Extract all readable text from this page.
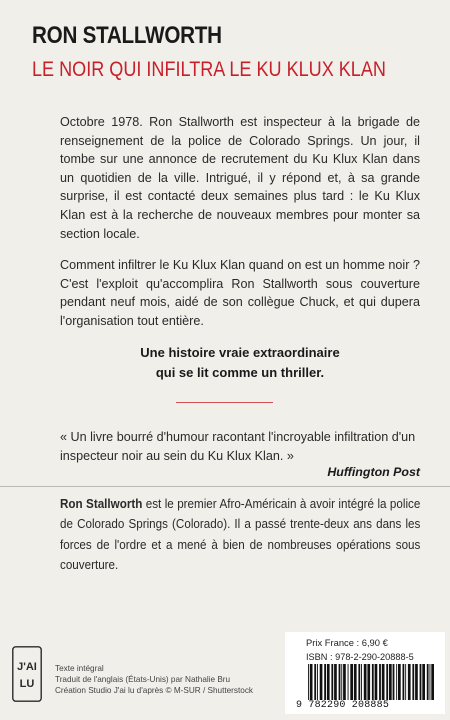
RON STALLWORTH
LE NOIR QUI INFILTRA LE KU KLUX KLAN

Octobre 1978. Ron Stallworth est inspecteur à la brigade de renseignement de la police de Colorado Springs. Un jour, il tombe sur une annonce de recrutement du Ku Klux Klan dans un quotidien de la ville. Intrigué, il y répond et, à sa grande surprise, il est contacté deux semaines plus tard : le Ku Klux Klan est à la recherche de nouveaux membres pour monter sa section locale.

Comment infiltrer le Ku Klux Klan quand on est un homme noir ? C'est l'exploit qu'accomplira Ron Stallworth sous couverture pendant neuf mois, aidé de son collègue Chuck, et qui dupera l'organisation tout entière.

Une histoire vraie extraordinaire
qui se lit comme un thriller.
« Un livre bourré d'humour racontant l'incroyable infiltration d'un inspecteur noir au sein du Ku Klux Klan. »
Huffington Post
Ron Stallworth est le premier Afro-Américain à avoir intégré la police de Colorado Springs (Colorado). Il a passé trente-deux ans dans les forces de l'ordre et a mené à bien de nombreuses opérations sous couverture.
J'AI
LU
Texte intégral
Traduit de l'anglais (États-Unis) par Nathalie Bru
Création Studio J'ai lu d'après © M-SUR / Shutterstock
Prix France : 6,90 €
ISBN : 978-2-290-20888-5
9 782290 208885
